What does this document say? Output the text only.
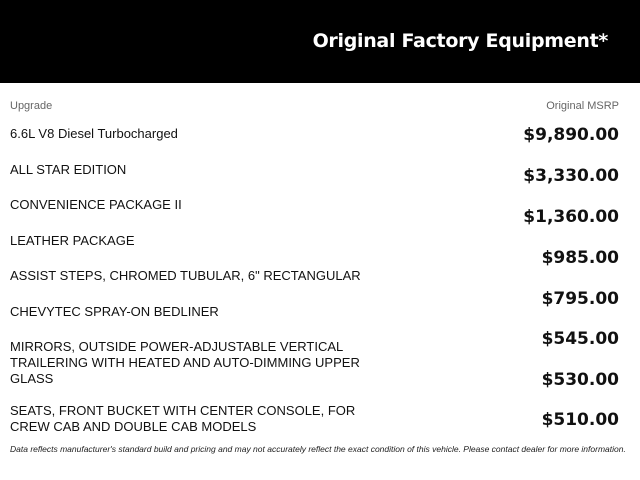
Original Factory Equipment*
Upgrade	Original MSRP
6.6L V8 Diesel Turbocharged
ALL STAR EDITION
CONVENIENCE PACKAGE II
LEATHER PACKAGE
ASSIST STEPS, CHROMED TUBULAR, 6" RECTANGULAR
CHEVYTEC SPRAY-ON BEDLINER
MIRRORS, OUTSIDE POWER-ADJUSTABLE VERTICAL TRAILERING WITH HEATED AND AUTO-DIMMING UPPER GLASS
SEATS, FRONT BUCKET WITH CENTER CONSOLE, FOR CREW CAB AND DOUBLE CAB MODELS
$9,890.00
$3,330.00
$1,360.00
$985.00
$795.00
$545.00
$530.00
$510.00
Data reflects manufacturer's standard build and pricing and may not accurately reflect the exact condition of this vehicle. Please contact dealer for more information.
